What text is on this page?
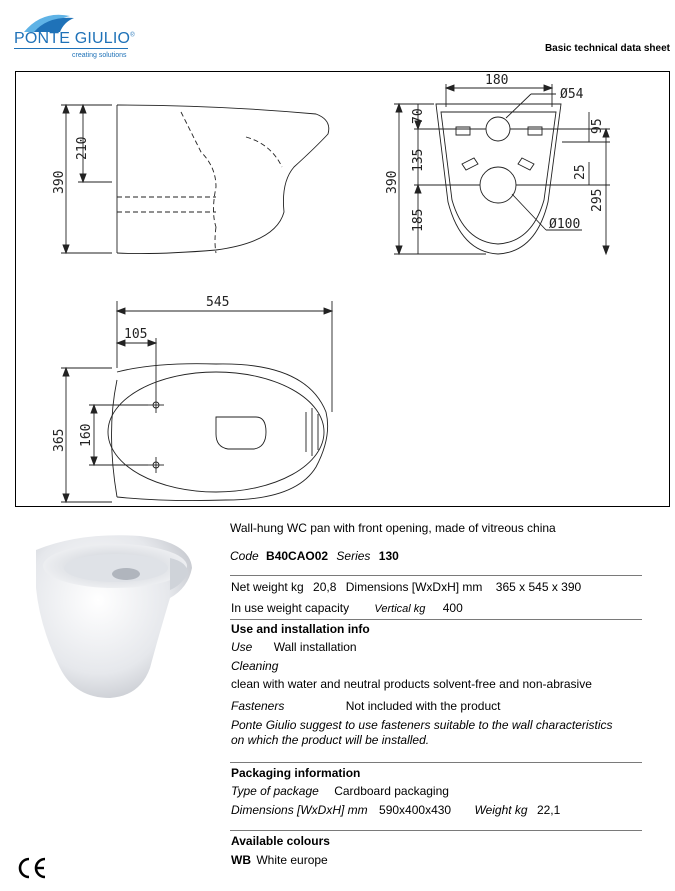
PONTE GIULIO®
creating solutions
Basic technical data sheet
210
390
180
Ø54
70
135
185
390
95
25
295
Ø100
545
105
160
365
Wall-hung WC pan with front opening, made of vitreous china
Code B40CAO02 Series 130
Net weight kg 20,8 Dimensions [WxDxH] mm 365 x 545 x 390
In use weight capacity Vertical kg 400
Use and installation info
Use Wall installation
Cleaning
clean with water and neutral products solvent-free and non-abrasive
Fasteners	Not included with the product
Ponte Giulio suggest to use fasteners suitable to the wall characteristics
on which the product will be installed.
Packaging information
Type of package Cardboard packaging
Dimensions [WxDxH] mm 590x400x430 Weight kg 22,1
Available colours
WB White europe
